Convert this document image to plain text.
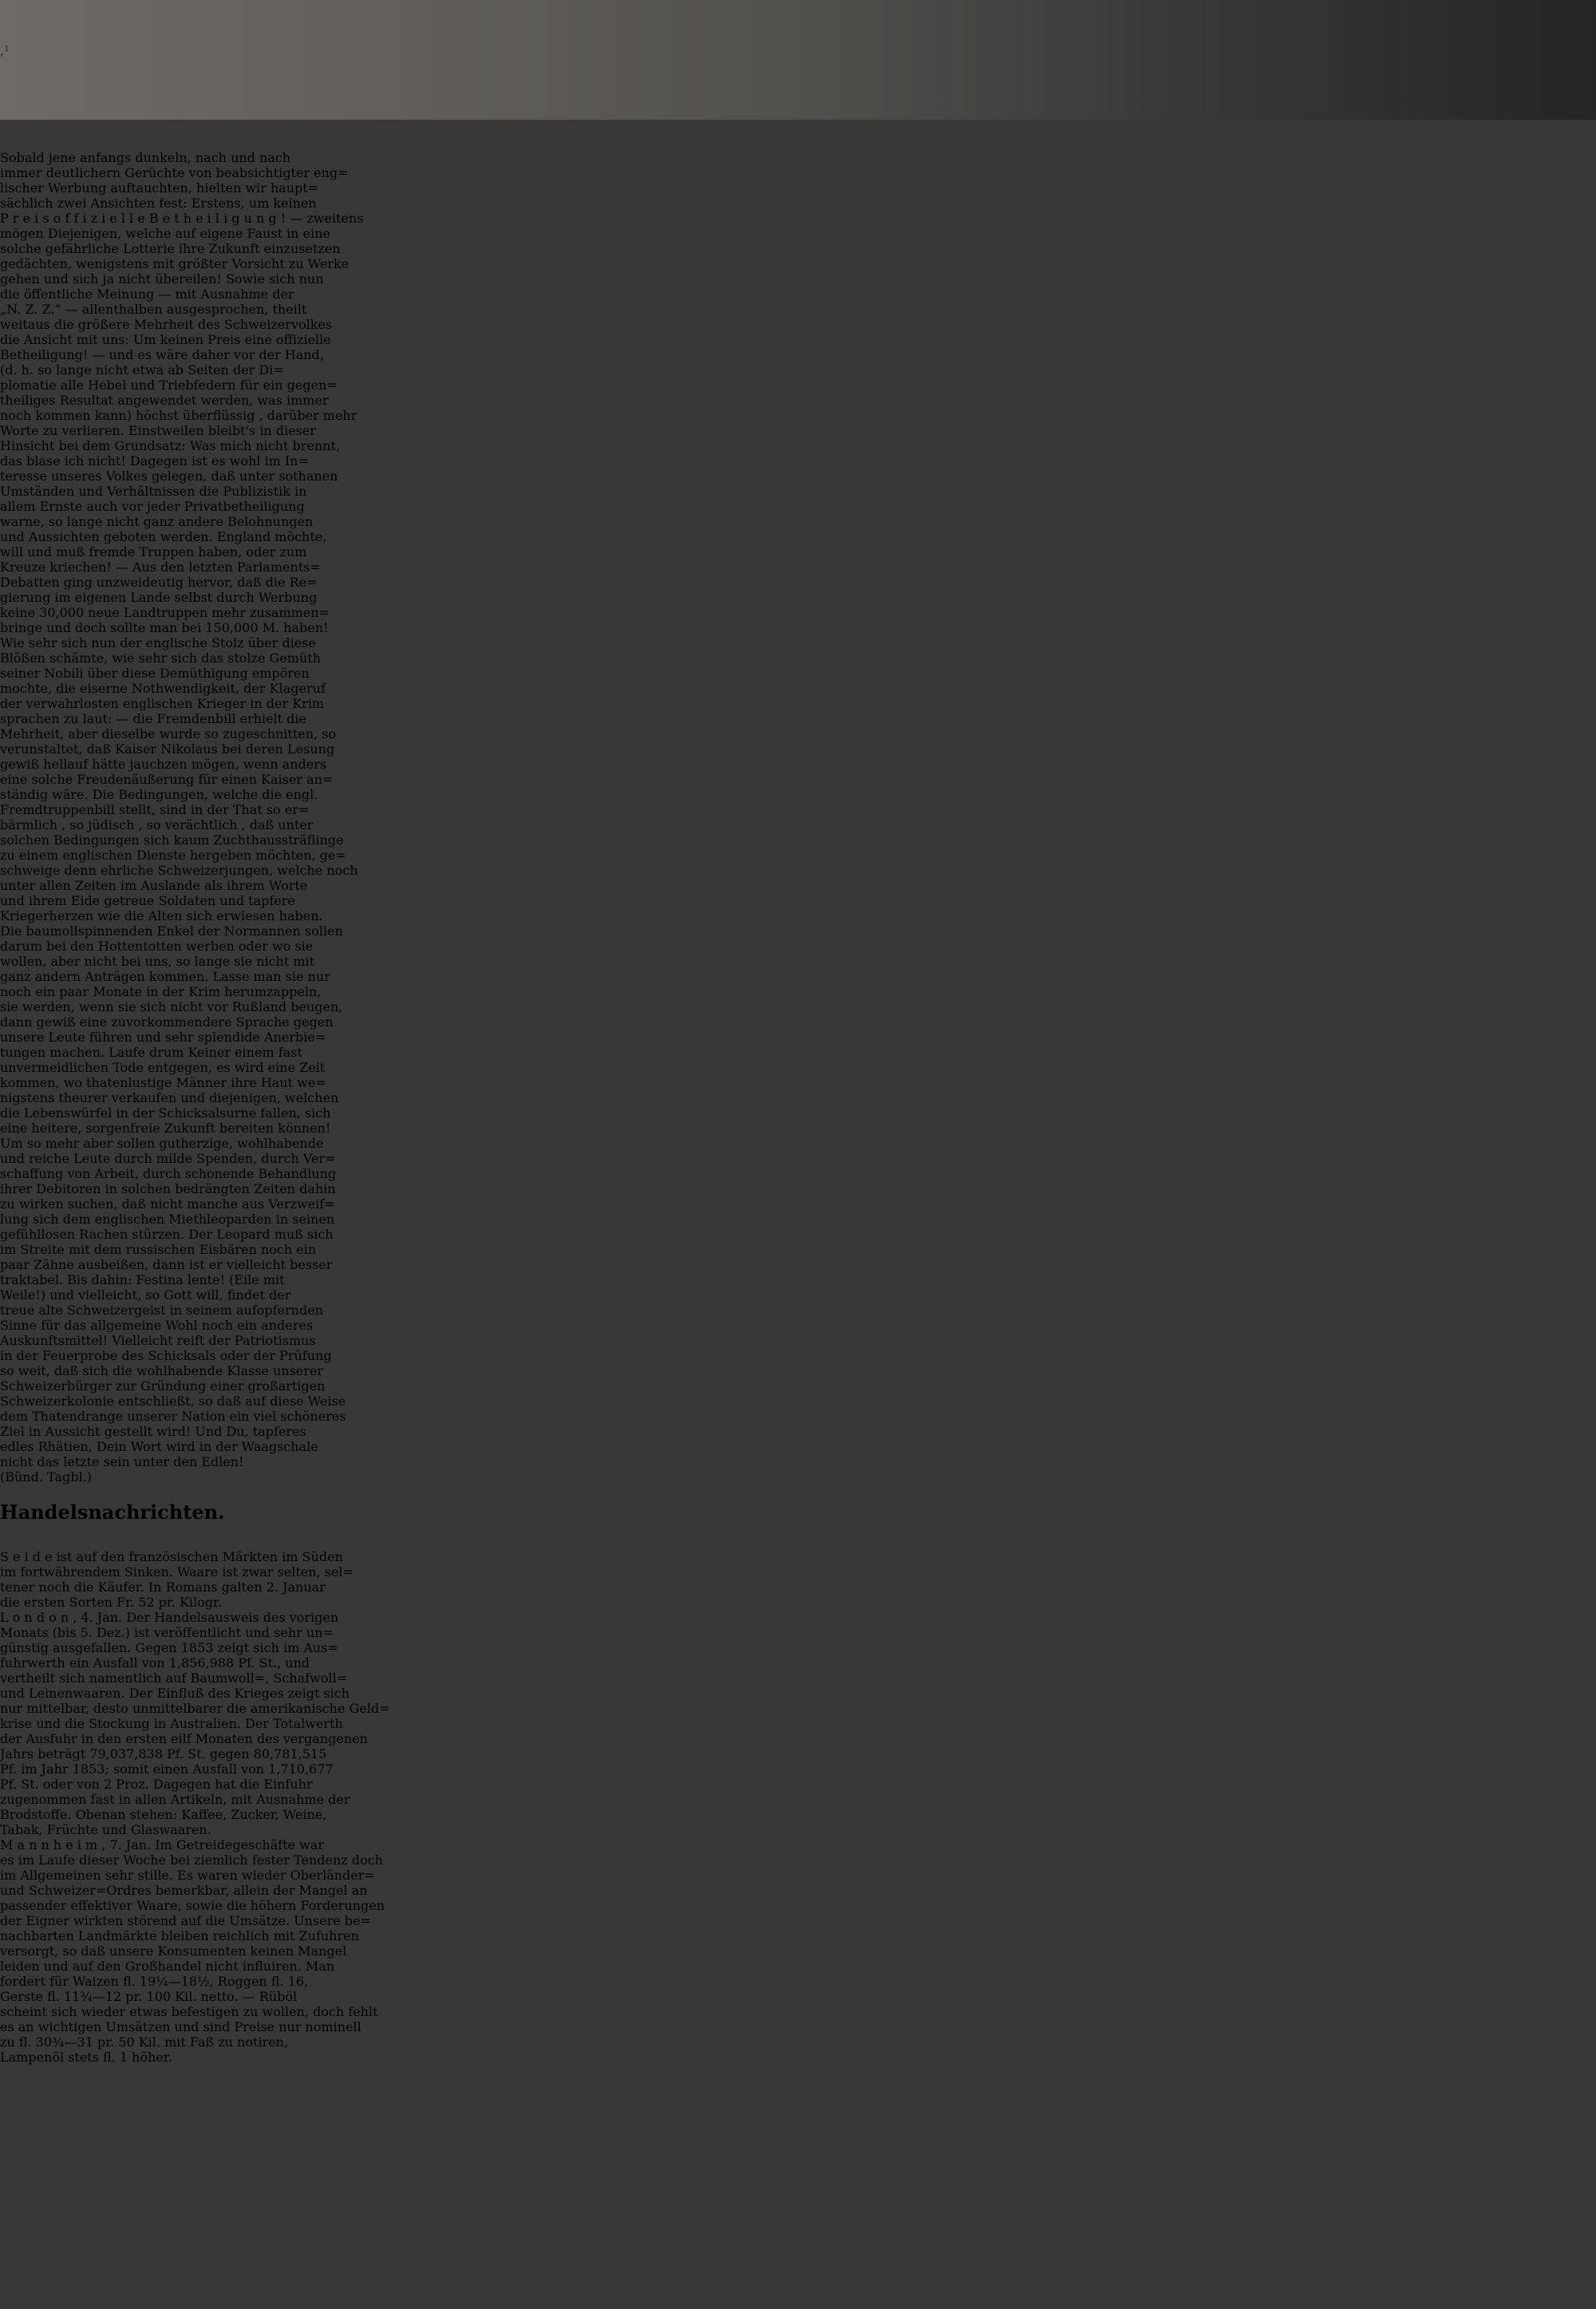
,¹
Sobald jene anfangs dunkeln, nach und nach
immer deutlichern Gerüchte von beabsichtigter eng=
lischer Werbung auftauchten, hielten wir haupt=
sächlich zwei Ansichten fest: Erstens, um keinen
P r e i s o f f i z i e l l e B e t h e i l i g u n g ! — zweitens
mögen Diejenigen, welche auf eigene Faust in eine
solche gefährliche Lotterie ihre Zukunft einzusetzen
gedächten, wenigstens mit größter Vorsicht zu Werke
gehen und sich ja nicht übereilen! Sowie sich nun
die öffentliche Meinung — mit Ausnahme der
„N. Z. Z.“ — allenthalben ausgesprochen, theilt
weitaus die größere Mehrheit des Schweizervolkes
die Ansicht mit uns: Um keinen Preis eine offizielle
Betheiligung! — und es wäre daher vor der Hand,
(d. h. so lange nicht etwa ab Seiten der Di=
plomatie alle Hebel und Triebfedern für ein gegen=
theiliges Resultat angewendet werden, was immer
noch kommen kann) höchst überflüssig , darüber mehr
Worte zu verlieren. Einstweilen bleibt's in dieser
Hinsicht bei dem Grundsatz: Was mich nicht brennt,
das blase ich nicht! Dagegen ist es wohl im In=
teresse unseres Volkes gelegen, daß unter sothanen
Umständen und Verhältnissen die Publizistik in
allem Ernste auch vor jeder Privatbetheiligung
warne, so lange nicht ganz andere Belohnungen
und Aussichten geboten werden. England möchte,
will und muß fremde Truppen haben, oder zum
Kreuze kriechen! — Aus den letzten Parlaments=
Debatten ging unzweideutig hervor, daß die Re=
gierung im eigenen Lande selbst durch Werbung
keine 30,000 neue Landtruppen mehr zusammen=
bringe und doch sollte man bei 150,000 M. haben!
Wie sehr sich nun der englische Stolz über diese
Blößen schämte, wie sehr sich das stolze Gemüth
seiner Nobili über diese Demüthigung empören
mochte, die eiserne Nothwendigkeit, der Klageruf
der verwahrlosten englischen Krieger in der Krim
sprachen zu laut: — die Fremdenbill erhielt die
Mehrheit, aber dieselbe wurde so zugeschnitten, so
verunstaltet, daß Kaiser Nikolaus bei deren Lesung
gewiß hellauf hätte jauchzen mögen, wenn anders
eine solche Freudenäußerung für einen Kaiser an=
ständig wäre. Die Bedingungen, welche die engl.
Fremdtruppenbill stellt, sind in der That so er=
bärmlich , so jüdisch , so verächtlich , daß unter
solchen Bedingungen sich kaum Zuchthaussträflinge
zu einem englischen Dienste hergeben möchten, ge=
schweige denn ehrliche Schweizerjungen, welche noch
unter allen Zeiten im Auslande als ihrem Worte
und ihrem Eide getreue Soldaten und tapfere
Kriegerherzen wie die Alten sich erwiesen haben.
Die baumollspinnenden Enkel der Normannen sollen
darum bei den Hottentotten werben oder wo sie
wollen, aber nicht bei uns, so lange sie nicht mit
ganz andern Anträgen kommen. Lasse man sie nur
noch ein paar Monate in der Krim herumzappeln,
sie werden, wenn sie sich nicht vor Rußland beugen,
dann gewiß eine zuvorkommendere Sprache gegen
unsere Leute führen und sehr splendide Anerbie=
tungen machen. Laufe drum Keiner einem fast
unvermeidlichen Tode entgegen, es wird eine Zeit
kommen, wo thatenlustige Männer ihre Haut we=
nigstens theurer verkaufen und diejenigen, welchen
die Lebenswürfel in der Schicksalsurne fallen, sich
eine heitere, sorgenfreie Zukunft bereiten können!
Um so mehr aber sollen gutherzige, wohlhabende
und reiche Leute durch milde Spenden, durch Ver=
schaffung von Arbeit, durch schonende Behandlung
ihrer Debitoren in solchen bedrängten Zeiten dahin
zu wirken suchen, daß nicht manche aus Verzweif=
lung sich dem englischen Miethleoparden in seinen
gefühllosen Rachen stürzen. Der Leopard muß sich
im Streite mit dem russischen Eisbären noch ein
paar Zähne ausbeißen, dann ist er vielleicht besser
traktabel. Bis dahin: Festina lente! (Eile mit
Weile!) und vielleicht, so Gott will, findet der
treue alte Schweizergeist in seinem aufopfernden
Sinne für das allgemeine Wohl noch ein anderes
Auskunftsmittel! Vielleicht reift der Patriotismus
in der Feuerprobe des Schicksals oder der Prüfung
so weit, daß sich die wohlhabende Klasse unserer
Schweizerbürger zur Gründung einer großartigen
Schweizerkolonie entschließt, so daß auf diese Weise
dem Thatendrange unserer Nation ein viel schöneres
Ziel in Aussicht gestellt wird! Und Du, tapferes
edles Rhätien, Dein Wort wird in der Waagschale
nicht das letzte sein unter den Edlen!
(Bünd. Tagbl.)
Handelsnachrichten.
S e i d e ist auf den französischen Märkten im Süden
im fortwährendem Sinken. Waare ist zwar selten, sel=
tener noch die Käufer. In Romans galten 2. Januar
die ersten Sorten Fr. 52 pr. Kilogr.
L o n d o n , 4. Jan. Der Handelsausweis des vorigen
Monats (bis 5. Dez.) ist veröffentlicht und sehr un=
günstig ausgefallen. Gegen 1853 zeigt sich im Aus=
fuhrwerth ein Ausfall von 1,856,988 Pf. St., und
vertheilt sich namentlich auf Baumwoll=, Schafwoll=
und Leinenwaaren. Der Einfluß des Krieges zeigt sich
nur mittelbar, desto unmittelbarer die amerikanische Geld=
krise und die Stockung in Australien. Der Totalwerth
der Ausfuhr in den ersten eilf Monaten des vergangenen
Jahrs beträgt 79,037,838 Pf. St. gegen 80,781,515
Pf. im Jahr 1853; somit einen Ausfall von 1,710,677
Pf. St. oder von 2 Proz. Dagegen hat die Einfuhr
zugenommen fast in allen Artikeln, mit Ausnahme der
Brodstoffe. Obenan stehen: Kaffee, Zucker, Weine,
Tabak, Früchte und Glaswaaren.
M a n n h e i m , 7. Jan. Im Getreidegeschäfte war
es im Laufe dieser Woche bei ziemlich fester Tendenz doch
im Allgemeinen sehr stille. Es waren wieder Oberländer=
und Schweizer=Ordres bemerkbar, allein der Mangel an
passender effektiver Waare, sowie die höhern Forderungen
der Eigner wirkten störend auf die Umsätze. Unsere be=
nachbarten Landmärkte bleiben reichlich mit Zufuhren
versorgt, so daß unsere Konsumenten keinen Mangel
leiden und auf den Großhandel nicht influiren. Man
fordert für Waizen fl. 19¼—18½, Roggen fl. 16,
Gerste fl. 11¾—12 pr. 100 Kil. netto. — Rüböl
scheint sich wieder etwas befestigen zu wollen, doch fehlt
es an wichtigen Umsätzen und sind Preise nur nominell
zu fl. 30¾—31 pr. 50 Kil. mit Faß zu notiren,
Lampenöl stets fl. 1 höher.
